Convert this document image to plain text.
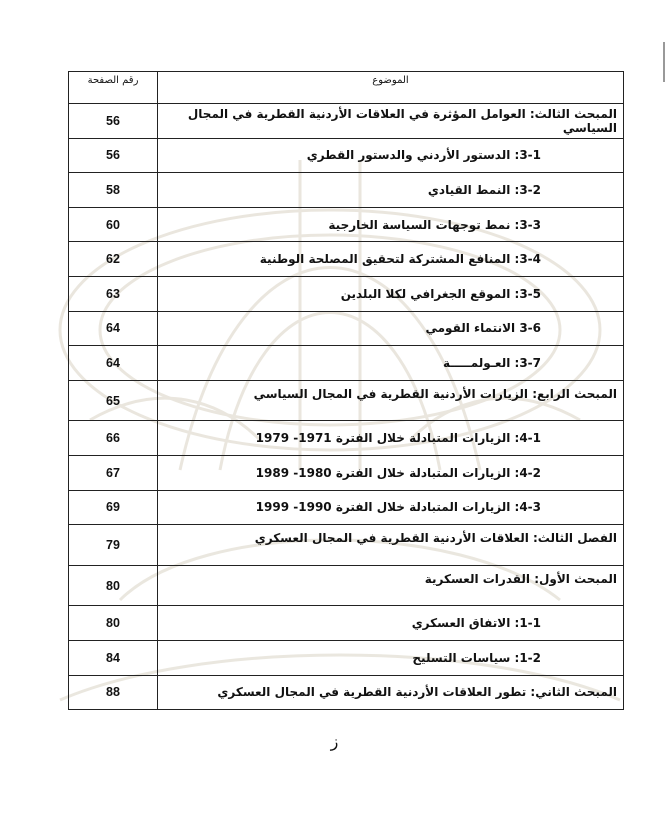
الموضوع	رقم الصفحة
المبحث الثالث: العوامل المؤثرة في العلاقات الأردنية القطرية في المجال السياسي	56
3-1: الدستور الأردني والدستور القطري	56
3-2: النمط القيادي	58
3-3: نمط توجهات السياسة الخارجية	60
3-4: المنافع المشتركة لتحقيق المصلحة الوطنية	62
3-5: الموقع الجغرافي لكلا البلدين	63
3-6 الانتماء القومي	64
3-7: العـولمـــــة	64
المبحث الرابع: الزيارات الأردنية القطرية في المجال السياسي	65
4-1: الزيارات المتبادلة خلال الفترة 1971- 1979	66
4-2: الزيارات المتبادلة خلال الفترة 1980- 1989	67
4-3: الزيارات المتبادلة خلال الفترة 1990- 1999	69
الفصل الثالث: العلاقات الأردنية القطرية في المجال العسكري	79
المبحث الأول: القدرات العسكرية	80
1-1: الاتفاق العسكري	80
1-2: سياسات التسليح	84
المبحث الثاني: تطور العلاقات الأردنية القطرية في المجال العسكري	88
ز
